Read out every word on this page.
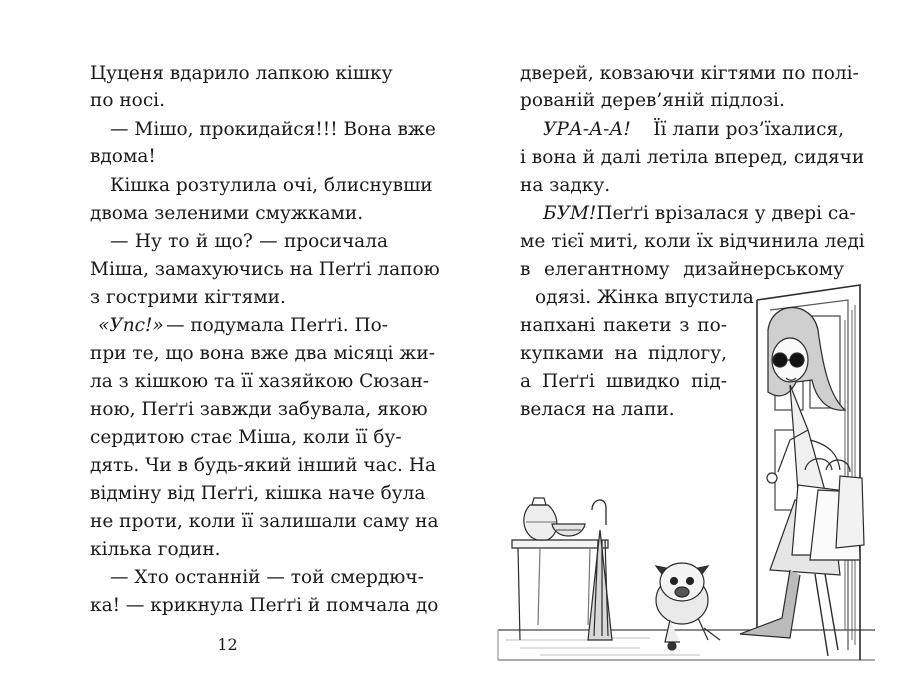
Цуценя вдарило лапкою кішку
по носі.
— Мішо, прокидайся!!! Вона вже
вдома!
Кішка розтулила очі, блиснувши
двома зеленими смужками.
— Ну то й що? — просичала
Міша, замахуючись на Пеґґі лапою
з гострими кігтями.
«Упс!» — подумала Пеґґі. По-
при те, що вона вже два місяці жи-
ла з кішкою та її хазяйкою Сюзан-
ною, Пеґґі завжди забувала, якою
сердитою стає Міша, коли її бу-
дять. Чи в будь-який інший час. На
відміну від Пеґґі, кішка наче була
не проти, коли її залишали саму на
кілька годин.
— Хто останній — той смердюч-
ка! — крикнула Пеґґі й помчала до
12
дверей, ковзаючи кігтями по полі-
рованій дерев’яній підлозі.
УРА-А-А! Її лапи роз’їхалися,
і вона й далі летіла вперед, сидячи
на задку.
БУМ! Пеґґі врізалася у двері са-
ме тієї миті, коли їх відчинила леді
в елегантному дизайнерському
одязі. Жінка впустила
напхані пакети з по-
купками на підлогу,
а Пеґґі швидко під-
велася на лапи.
